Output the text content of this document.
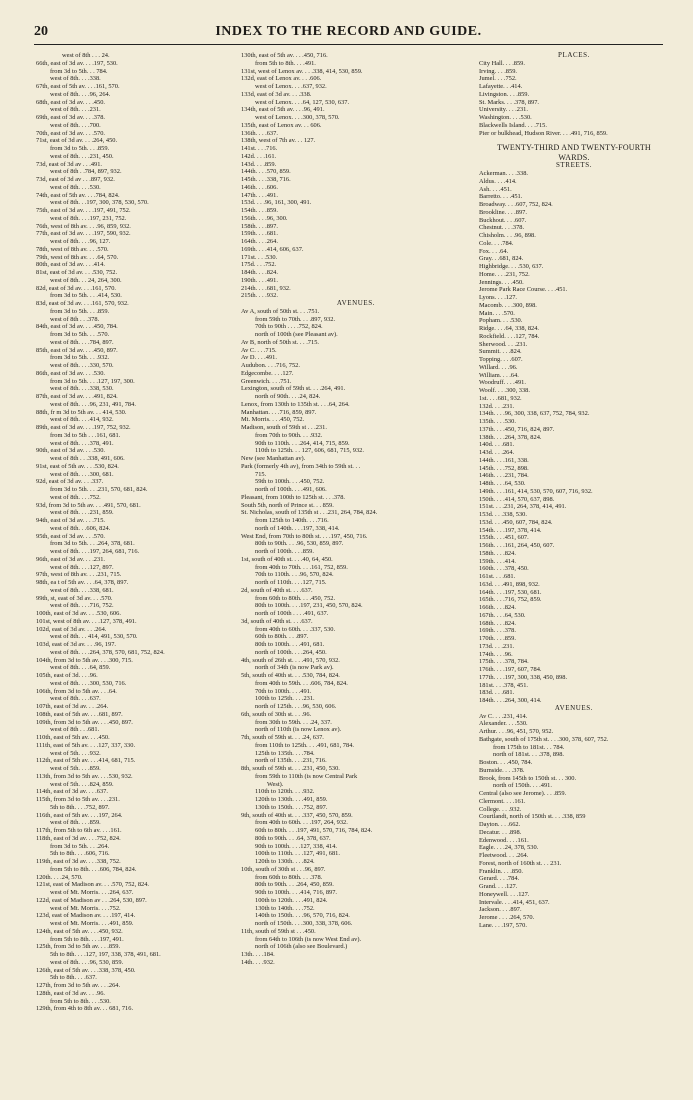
20	INDEX TO THE RECORD AND GUIDE.
west of 8th . . . 24.
66th, east of 3d av. . . .197, 530.
from 3d to 5th. . . 784.
west of 8th. . . .338.
67th, east of 5th av. . . .161, 570.
west of 8th. . . .96, 264.
68th, east of 3d av. . . .450.
west of 8th. . . .231.
69th, east of 3d av. . . .378.
west of 8th. . . .700.
70th, east of 3d av. . . .570.
71st, east of 3d av. . . .264, 450.
from 3d to 5th. . . .859.
west of 8th. . . .231, 450.
73d, east of 3d av . . .491.
west of 8th . .784, 897, 932.
73d, east of 3d av . . .897, 932.
west of 8th. . . .530.
74th, east of 5th av. . . .784, 824.
west of 8th. . .197, 300, 378, 530, 570.
75th, east of 3d av. . . .197, 491, 752.
west of 8th. . . .197, 231, 752.
76th, west of 8th av. . . .96, 859, 932.
77th, east of 3d av. . . .197, 590, 932.
west of 8th. . . .96, 127.
78th, west of 8th av. . . .570.
79th, west of 8th av. . . .64, 570.
80th, east of 3d av. . . .414.
81st, east of 3d av. . . .530, 752.
west of 8th. . . 24, 264, 300.
82d, east of 3d av. . . .161, 570.
from 3d to 5th. . . .414, 530.
83d, east of 3d av. . . .161, 570, 932.
from 3d to 5th. . . .859.
west of 8th . . .378.
84th, east of 3d av. . . .450, 784.
from 3d to 5th. . . .570.
west of 8th. . . .784, 897.
85th, east of 3d av. . . .450, 897.
from 3d to 5th. . . .932.
west of 8th. . . .330, 570.
86th, east of 3d av. . . .530.
from 3d to 5th. . . .127, 197, 300.
west of 8th. . . .338, 530.
87th, east of 3d av. . . .491, 824.
west of 8th. . . .96, 231, 491, 784.
88th, fr m 3d to 5th av. . . 414, 530.
west of 8th. . . .414, 932.
89th, east of 3d av. . . .197, 752, 932.
from 3d to 5th . . .161, 681.
west of 8th. . . .378, 491.
90th, east of 3d av. . . .530.
west of 8th . . .338, 491, 606.
91st, east of 5th av. . . .530, 824.
west of 8th. . . .300, 681.
92d, east of 3d av. . . .337.
from 3d to 5th. . . .231, 570, 681, 824.
west of 8th. . . .752.
93d, from 3d to 5th av. . . .491, 570, 681.
west of 8th. . . .231, 859.
94th, east of 3d av. . . .715.
west of 8th. . .606, 824.
95th, east of 3d av. . . .570.
from 3d to 5th. . . .264, 378, 681.
west of 8th. . . .197, 264, 681, 716.
96th, east of 3d av. . . .231.
west of 8th. . . .127, 897.
97th, west of 8th av. . . .231, 715.
98th, ea t of 5th av. . . .64, 378, 897.
west of 8th. . . .338, 681.
99th, st, east of 3d av. . . .570.
west of 8th. . . .716, 752.
100th, east of 3d av. . . .530, 606.
101st, west of 8th av. . . .127, 378, 491.
102d, east of 3d av. . . .264.
west of 8th. . . 414, 491, 530, 570.
103d, east of 3d av. . . .96, 197.
west of 8th. . . .264, 378, 570, 681, 752, 824.
104th, from 3d to 5th av. . . .300, 715.
west of 8th. . . .64, 859.
105th, east of 3d. . . .96.
west of 8th. . . .300, 530, 716.
106th, from 3d to 5th av. . . .64.
west of 8th. . . .637.
107th, east of 3d av. . . .264.
108th, east of 5th av. . . .681, 897.
109th, from 3d to 5th av. . . .450, 897.
west of 8th . . .681.
110th, east of 5th av. . . .450.
111th, east of 5th av. . . .127, 337, 330.
west of 5th. . . .932.
112th, east of 5th av. . . .414, 681, 715.
west of 5th. . . .859.
113th, from 3d to 5th av. . . .530, 932.
west of 5th. . . .824, 859.
114th, east of 3d av. . . .637.
115th, from 3d to 5th av. . . .231.
5th to 8th. . . .752, 897.
116th, east of 5th av. . . .197, 264.
west of 8th. . . .859.
117th, from 5th to 6th av. . . .161.
118th, east of 3d av. . . .752, 824.
from 3d to 5th. . . .264.
5th to 8th. . . .606, 716.
119th, east of 3d av. . . .338, 752.
from 5th to 8th. . . .606, 784, 824.
120th. . . .24, 570.
121st, east of Madison av. . . .570, 752, 824.
west of Mt. Morris. . . .264, 637.
122d, east of Madison av . . .264, 530, 897.
west of Mt. Morris. . . .752.
123d, east of Madison av. . . .197, 414.
west of Mt. Morris. . . .491, 859.
124th, east of 5th av. . . .450, 932.
from 5th to 8th. . . .197, 491.
125th, from 3d to 5th av. . . .859.
5th to 8th. . . .127, 197, 338, 378, 491, 681.
west of 8th. . . .96, 530, 859.
126th, east of 5th av. . . .338, 378, 450.
5th to 8th. . . .637.
127th, from 3d to 5th av. . . .264.
128th, east of 3d av. . . .96.
from 5th to 8th. . . .530.
129th, from 4th to 8th av. . . 681, 716.
130th, east of 5th av. . . .450, 716.
from 5th to 8th. . . .491.
131st, west of Lenox av. . . .338, 414, 530, 859.
132d, east of Lenox av. . . .606.
west of Lenox. . . .637, 932.
133d, east of 3d av. . . .338.
west of Lenox. . . .64, 127, 530, 637.
134th, east of 5th av. . . .96, 491.
west of Lenox. . . .300, 378, 570.
135th, east of Lenox av. . . 606.
136th. . . .637.
138th, west of 7th av. . . 127.
141st. . . .716.
142d. . . .161.
143d. . . .859.
144th. . . .570, 859.
145th. . . .338, 716.
146th. . . .606.
147th. . . .491.
153d. . . .96, 161, 300, 491.
154th. . . .859.
156th. . . .96, 300.
158th. . . .897.
159th. . . .681.
164th. . . .264.
169th. . . .414, 606, 637.
171st. . . .530.
175d. . . .752.
184th. . . .824.
190th. . . .491.
214th. . . .681, 932.
215th. . . .932.
AVENUES.
Av A, south of 50th st. . . .751.
from 59th to 70th. . . .897, 932.
70th to 90th . . . .752, 824.
north of 100th (see Pleasant av).
Av B, north of 50th st. . . .715.
Av C. . . .715.
Av D. . . .491.
Audubon. . . .716, 752.
Edgecombe. . . .127.
Greenwich. . . .751.
Lexington, south of 59th st. . . .264, 491.
north of 90th. . . .24, 824.
Lenox, from 130th to 135th st. . . .64, 264.
Manhattan. . . .716, 859, 897.
Mt. Morris. . . .450, 752.
Madison, south of 59th st . . .231.
from 70th to 90th. . . .932.
90th to 110th. . . .264, 414, 715, 859.
110th to 125th. . . 127, 606, 681, 715, 932.
New (see Manhattan av).
Park (formerly 4th av), from 34th to 59th st. . .
715.
59th to 100th. . . .450, 752.
north of 100th. . . .491, 606.
Pleasant, from 100th to 125th st. . . .378.
South 5th, north of Prince st. . . 859.
St. Nicholas, south of 135th st . . .231, 264, 784, 824.
from 125th to 140th. . . .716.
north of 140th. . . .197, 338, 414.
West End, from 70th to 80th st. . . .197, 450, 716.
80th to 90th. . . .96, 530, 859, 897.
north of 100th. . . .859.
1st, south of 40th st. . . .40, 64, 450.
from 40th to 70th. . . .161, 752, 859.
70th to 110th. . . .96, 570, 824.
north of 110th. . . .127, 715.
2d, south of 40th st. . . .637.
from 60th to 80th. . . .450, 752.
80th to 100th. . . .197, 231, 450, 570, 824.
north of 100th . . . .491, 637.
3d, south of 40th st. . . .637.
from 40th to 60th. . . .337, 530.
60th to 80th. . . .897.
80th to 100th. . . .491, 681.
north of 100th. . . .264, 450.
4th, south of 26th st. . . .491, 570, 932.
north of 34th (is now Park av).
5th, south of 40th st. . . .530, 784, 824.
from 40th to 59th. . . .606, 784, 824.
70th to 100th. . . .491.
100th to 125th. . . .231.
north of 125th. . . .96, 530, 606.
6th, south of 30th st. . . .96.
from 30th to 59th. . . .24, 337.
north of 110th (is now Lenox av).
7th, south of 59th st. . . .24, 637.
from 110th to 125th. . . .491, 681, 784.
125th to 135th. . . .784.
north of 135th. . . .231, 716.
8th, south of 59th st. . . .231, 450, 530.
from 59th to 110th (is now Central Park
West).
110th to 120th. . . .932.
120th to 130th. . . .491, 859.
130th to 150th. . . .752, 897.
9th, south of 40th st. . . .337, 450, 570, 859.
from 40th to 60th. . . .197, 264, 932.
60th to 80th. . . .197, 491, 570, 716, 784, 824.
80th to 90th. . . .64, 378, 637.
90th to 100th. . . .127, 338, 414.
100th to 110th. . . .127, 491, 681.
120th to 130th. . . .824.
10th, south of 30th st . . .96, 897.
from 60th to 80th. . . .378.
80th to 90th. . . .264, 450, 859.
90th to 100th. . . .414, 716, 897.
100th to 120th. . . .491, 824.
130th to 140th. . . .752.
140th to 150th. . . .96, 570, 716, 824.
north of 150th. . . .300, 338, 378, 606.
11th, south of 59th st . . .450.
from 64th to 106th (is now West End av).
north of 106th (also see Boulevard.)
13th. . . .184.
14th. . . .932.
PLACES.
City Hall. . . .859.
Irving. . . .859.
Jumel. . . .752.
Lafayette. . .414.
Livingston. . . .859.
St. Marks. . . .378, 897.
University. . . .231.
Washington. . . .530.
Blackwells Island. . . .715.
Pier or bulkhead, Hudson River. . . .491, 716, 859.
TWENTY-THIRD AND TWENTY-FOURTH
WARDS.
STREETS.
Ackerman. . . .338.
Aldus. . . .414.
Ash. . . .451.
Barretto. . . .451.
Broadway. . . .607, 752, 824.
Brookline. . . .897.
Buckhout. . . .607.
Chestnut. . . .378.
Chisholm. . . .96, 898.
Cole. . . .784.
Fox. . . .64.
Gray. . .681, 824.
Highbridge. . . .530, 637.
Home. . . .231, 752.
Jennings. . . .450.
Jerome Park Race Course. . . .451.
Lyons. . . .127.
Macomb. . . .300, 898.
Main. . . .570.
Popham. . . .530.
Ridge. . . .64, 338, 824.
Rockfield. . . .127, 784.
Sherwood. . . .231.
Summit. . . .824.
Topping. . . .607.
Willard. . . .96.
William. . . .64.
Woodruff. . . .491.
Woolf. . . .300, 338.
1st. . . .681, 932.
132d. . . .231.
134th. . . .96, 300, 338, 637, 752, 784, 932.
135th. . . .530.
137th. . . .450, 716, 824, 897.
138th. . . .264, 378, 824.
140d. . . .681.
143d. . . .264.
144th. . . .161, 338.
145th. . . .752, 898.
146th. . . .231, 784.
148th. . . .64, 530.
149th. . . .161, 414, 530, 570, 607, 716, 932.
150th. . . .414, 570, 637, 898.
151st. . . .231, 264, 378, 414, 491.
153d. . . .338, 530.
153d. . . .450, 607, 784, 824.
154th. . . .197, 378, 414.
155th. . . .451, 607.
156th. . . .161, 264, 450, 607.
158th. . . .824.
159th. . . .414.
160th. . . .378, 450.
161st. . . .681.
163d. . . .491, 898, 932.
164th. . . .197, 530, 681.
165th. . . .716, 752, 859.
166th. . . .824.
167th. . . .64, 530.
168th. . . .824.
169th. . . .378.
170th. . . .859.
173d. . . .231.
174th. . . .96.
175th. . . .378, 784.
176th. . . .197, 607, 784.
177th. . . .197, 300, 338, 450, 898.
181st. . . .378, 451.
183d. . . .681.
184th. . . .264, 300, 414.
AVENUES.
Av C. . . .231, 414.
Alexander. . . .530.
Arthur. . . .96, 451, 570, 952.
Bathgate, south of 175th st. . . .300, 378, 607, 752.
from 175th to 181st. . . 784.
north of 181st. . . .378, 898.
Boston. . . .450, 784.
Burnside. . . .378.
Brook, from 145th to 150th st. . . 300.
north of 150th. . . .491.
Central (also see Jerome). . . .859.
Clermont. . . .161.
College. . . .932.
Courtlandt, north of 150th st. . . .338, 859
Dayton. . . .662.
Decatur. . . .898.
Edenwood. . . .161.
Eagle. . . .24, 378, 530.
Fleetwood. . . .264.
Forest, north of 160th st. . . 231.
Franklin. . . .850.
Gerard. . . .784.
Grand. . . .127.
Honeywell. . . .127.
Intervale. . . .414, 451, 637.
Jackson. . . .897.
Jerome . . . .264, 570.
Lane. . . .197, 570.
